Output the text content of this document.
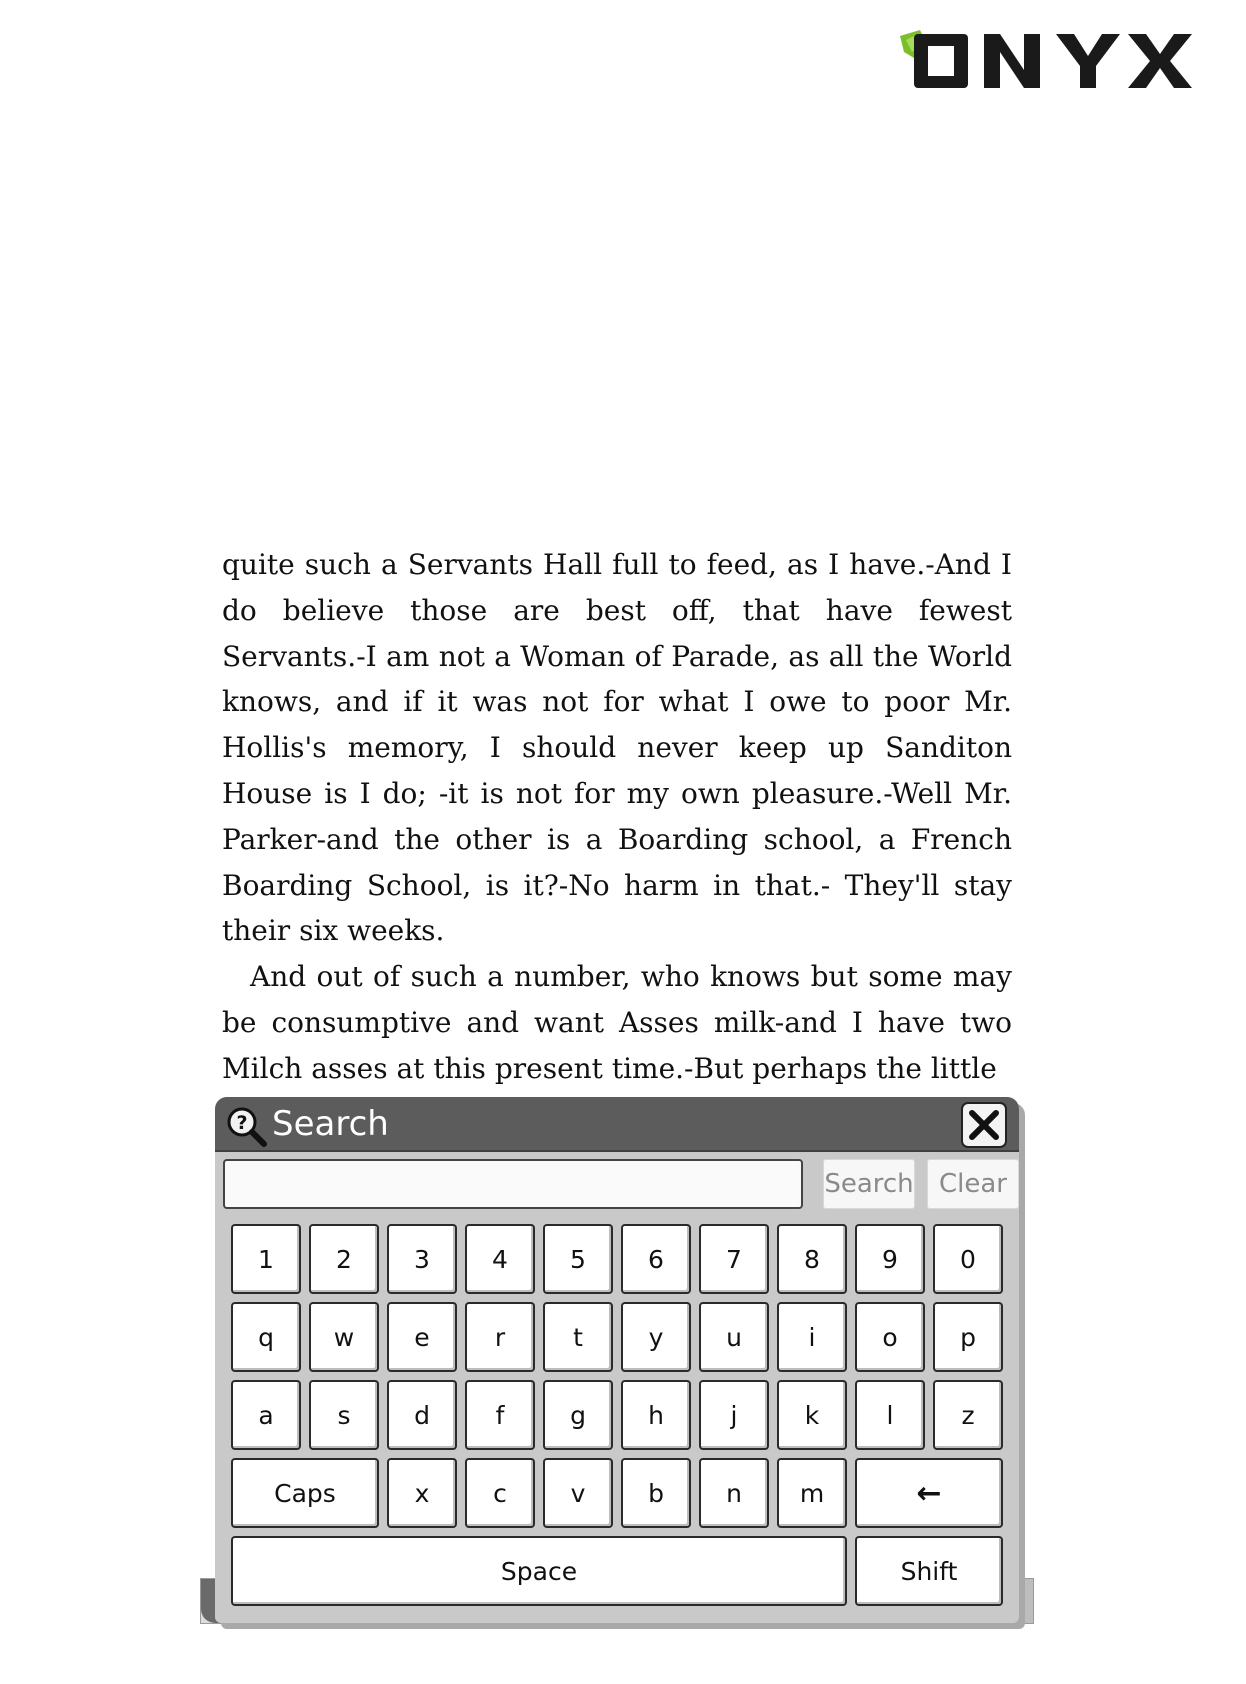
quite such a Servants Hall full to feed, as I have.-And I do believe those are best off, that have fewest Servants.-I am not a Woman of Parade, as all the World knows, and if it was not for what I owe to poor Mr. Hollis's memory, I should never keep up Sanditon House is I do; -it is not for my own pleasure.-Well Mr. Parker-and the other is a Boarding school, a French Boarding School, is it?-No harm in that.- They'll stay their six weeks.

And out of such a number, who knows but some may be consumptive and want Asses milk-and I have two Milch asses at this present time.-But perhaps the little

? Search
Search Clear
1	2	3	4	5	6	7	8	9	0
q	w	e	r	t	y	u	i	o	p
a	s	d	f	g	h	j	k	l	z
Caps	x	c	v	b	n	m	←
Space	Shift
